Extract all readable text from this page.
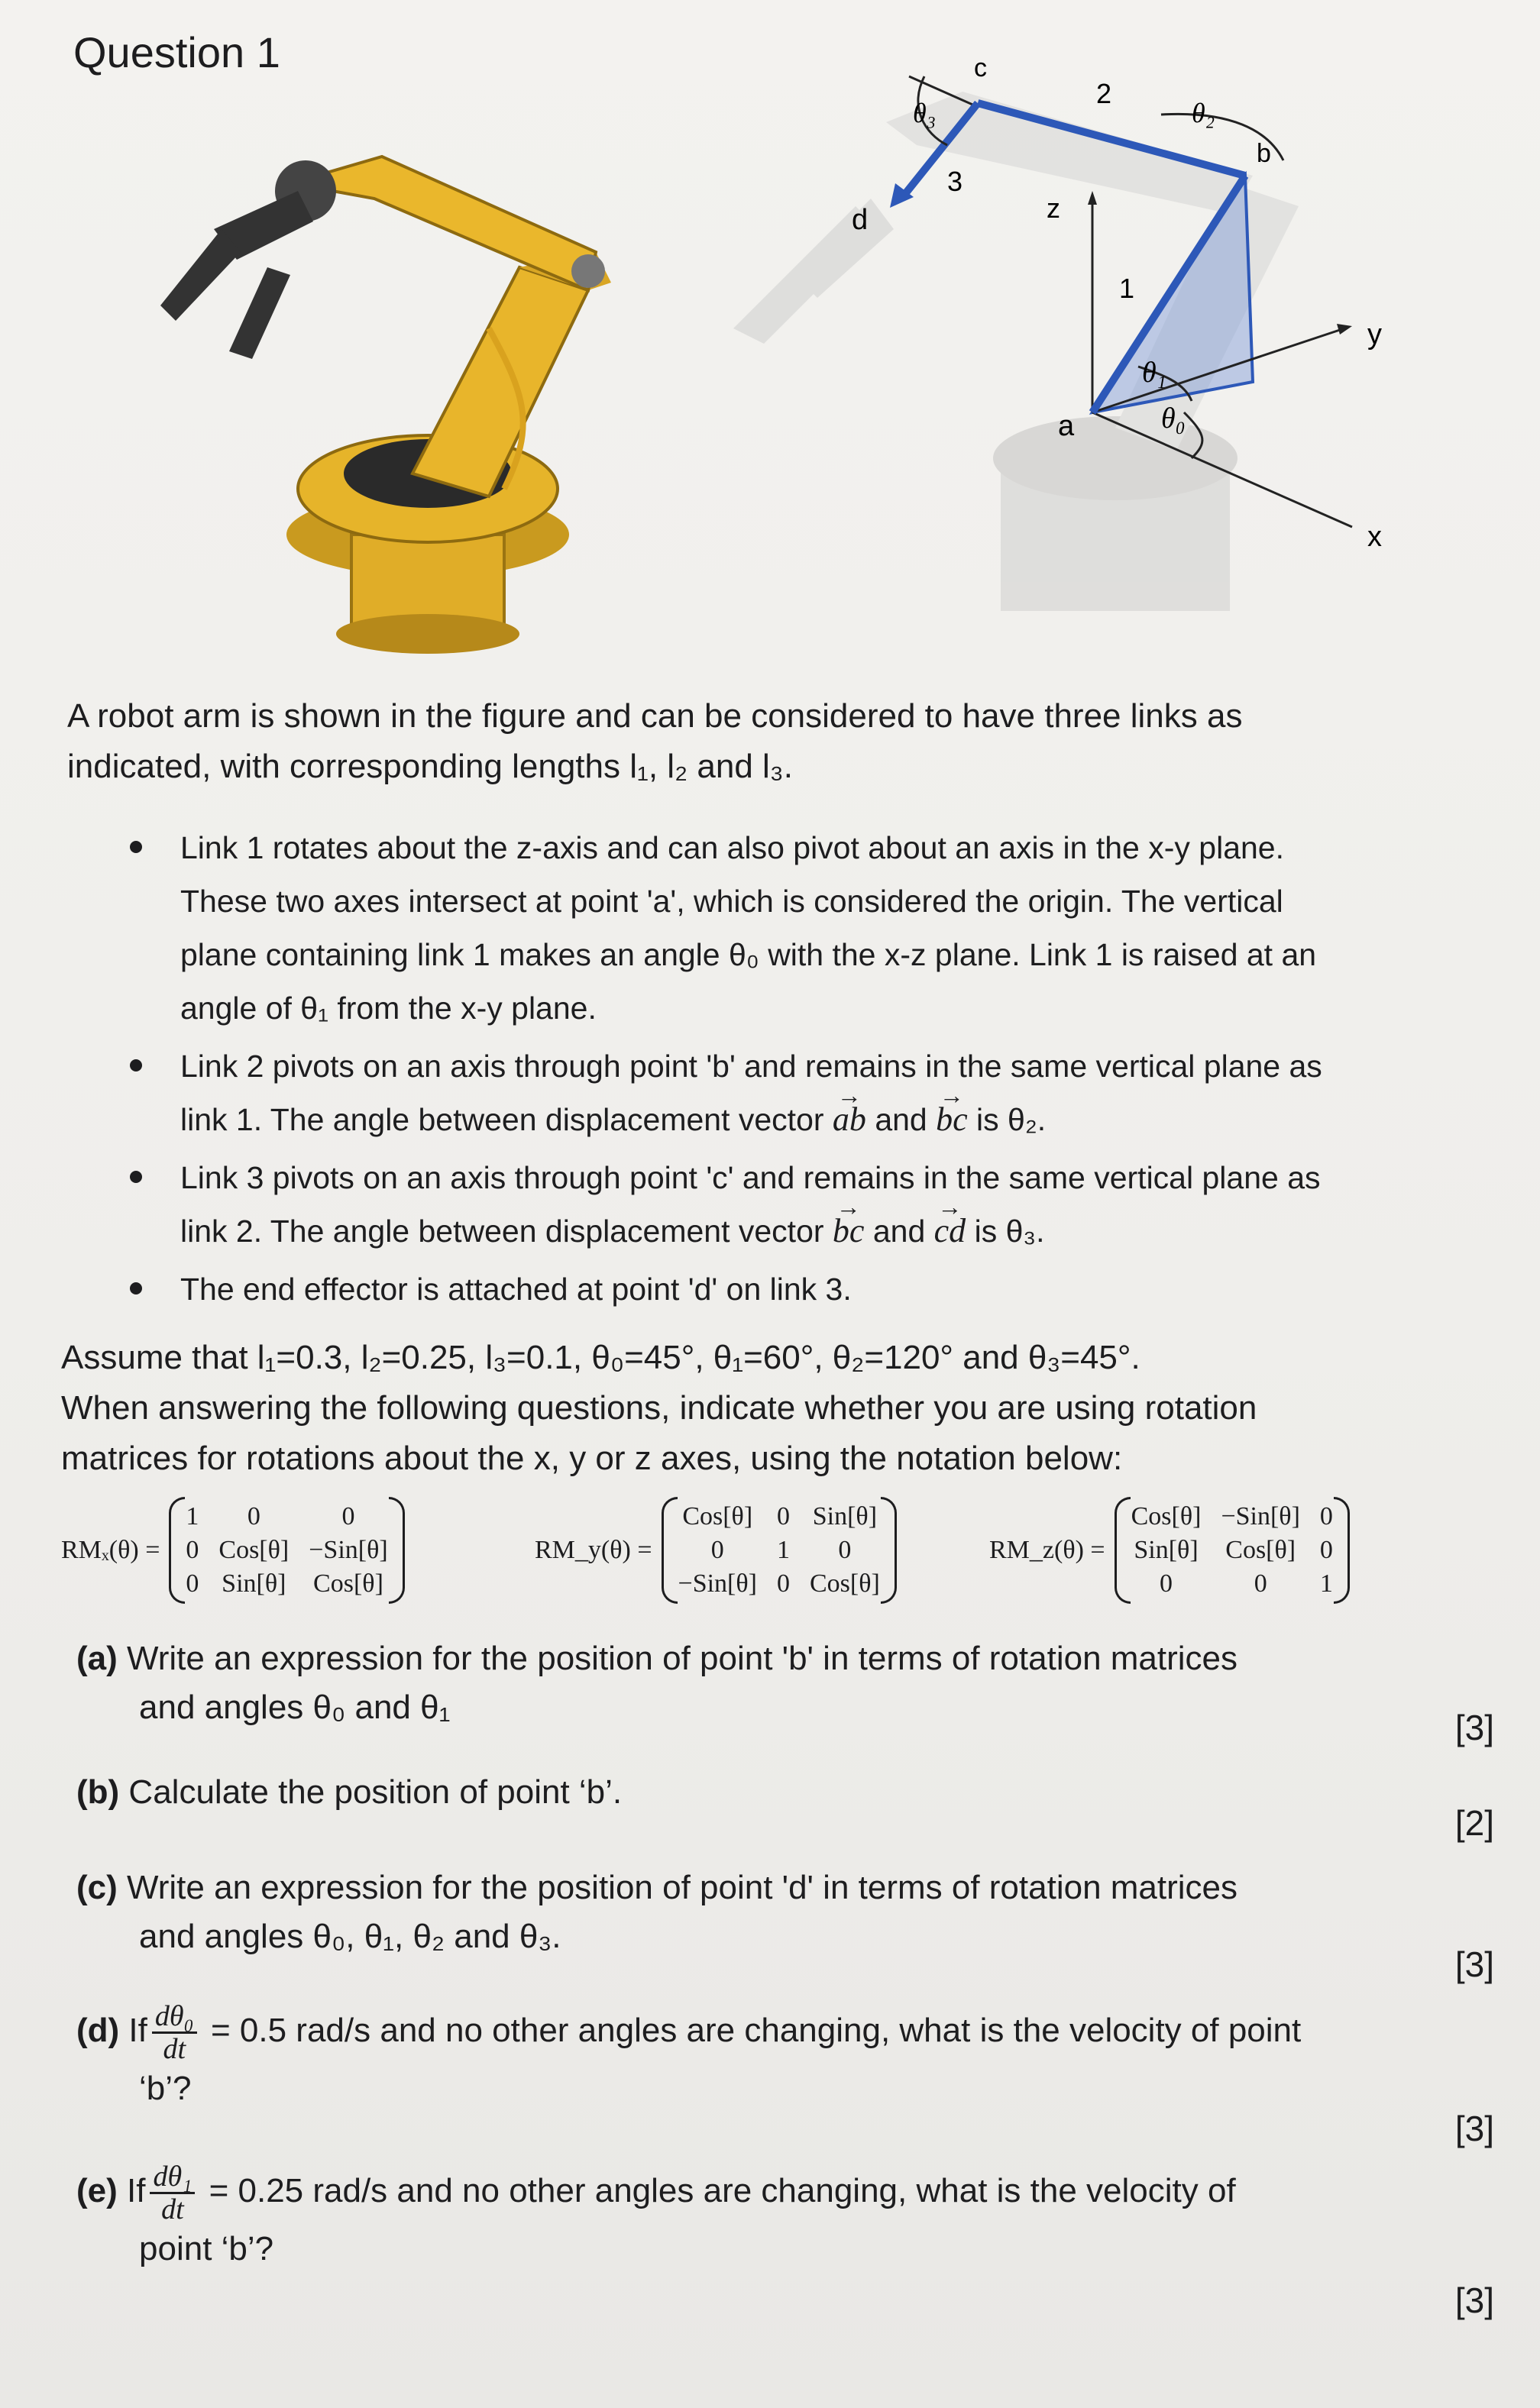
Question 1	c
b
d
a
1
2
3
z
y
x
θ₀
θ₁
θ₂
θ₃

A robot arm is shown in the figure and can be considered to have three links as

indicated, with corresponding lengths l₁, l₂ and l₃.

Link 1 rotates about the z-axis and can also pivot about an axis in the x-y plane.
These two axes intersect at point 'a', which is considered the origin. The vertical
plane containing link 1 makes an angle θ₀ with the x-z plane. Link 1 is raised at an
angle of θ₁ from the x-y plane.
Link 2 pivots on an axis through point 'b' and remains in the same vertical plane as
link 1. The angle between displacement vector → ab and → bc is θ₂.
Link 3 pivots on an axis through point 'c' and remains in the same vertical plane as
link 2. The angle between displacement vector → bc and → cd is θ₃.
The end effector is attached at point 'd' on link 3.

Assume that l₁=0.3, l₂=0.25, l₃=0.1, θ₀=45°, θ₁=60°, θ₂=120° and θ₃=45°.

When answering the following questions, indicate whether you are using rotation

matrices for rotations about the x, y or z axes, using the notation below:

RMₓ(θ) =
1	0	0
0 Cos[θ] −Sin[θ]
0 Sin[θ] Cos[θ]
RM_y(θ) =
Cos[θ] 0 Sin[θ]
0	1	0
−Sin[θ] 0 Cos[θ]
RM_z(θ) =
Cos[θ] −Sin[θ] 0
Sin[θ] Cos[θ] 0
0	0	1
(a) Write an expression for the position of point 'b' in terms of rotation matrices
and angles θ₀ and θ₁
[3]
(b) Calculate the position of point ‘b’.
[2]
(c) Write an expression for the position of point 'd' in terms of rotation matrices
and angles θ₀, θ₁, θ₂ and θ₃.
[3]
(d) If $\frac{\text{dθ₀}}{dt} = 0.5$ rad/s and no other angles are changing, what is the velocity of point
‘b’?
[3]
(e) If $\frac{\text{dθ₁}}{dt} = 0.25$ rad/s and no other angles are changing, what is the velocity of
point ‘b’?
[3]
